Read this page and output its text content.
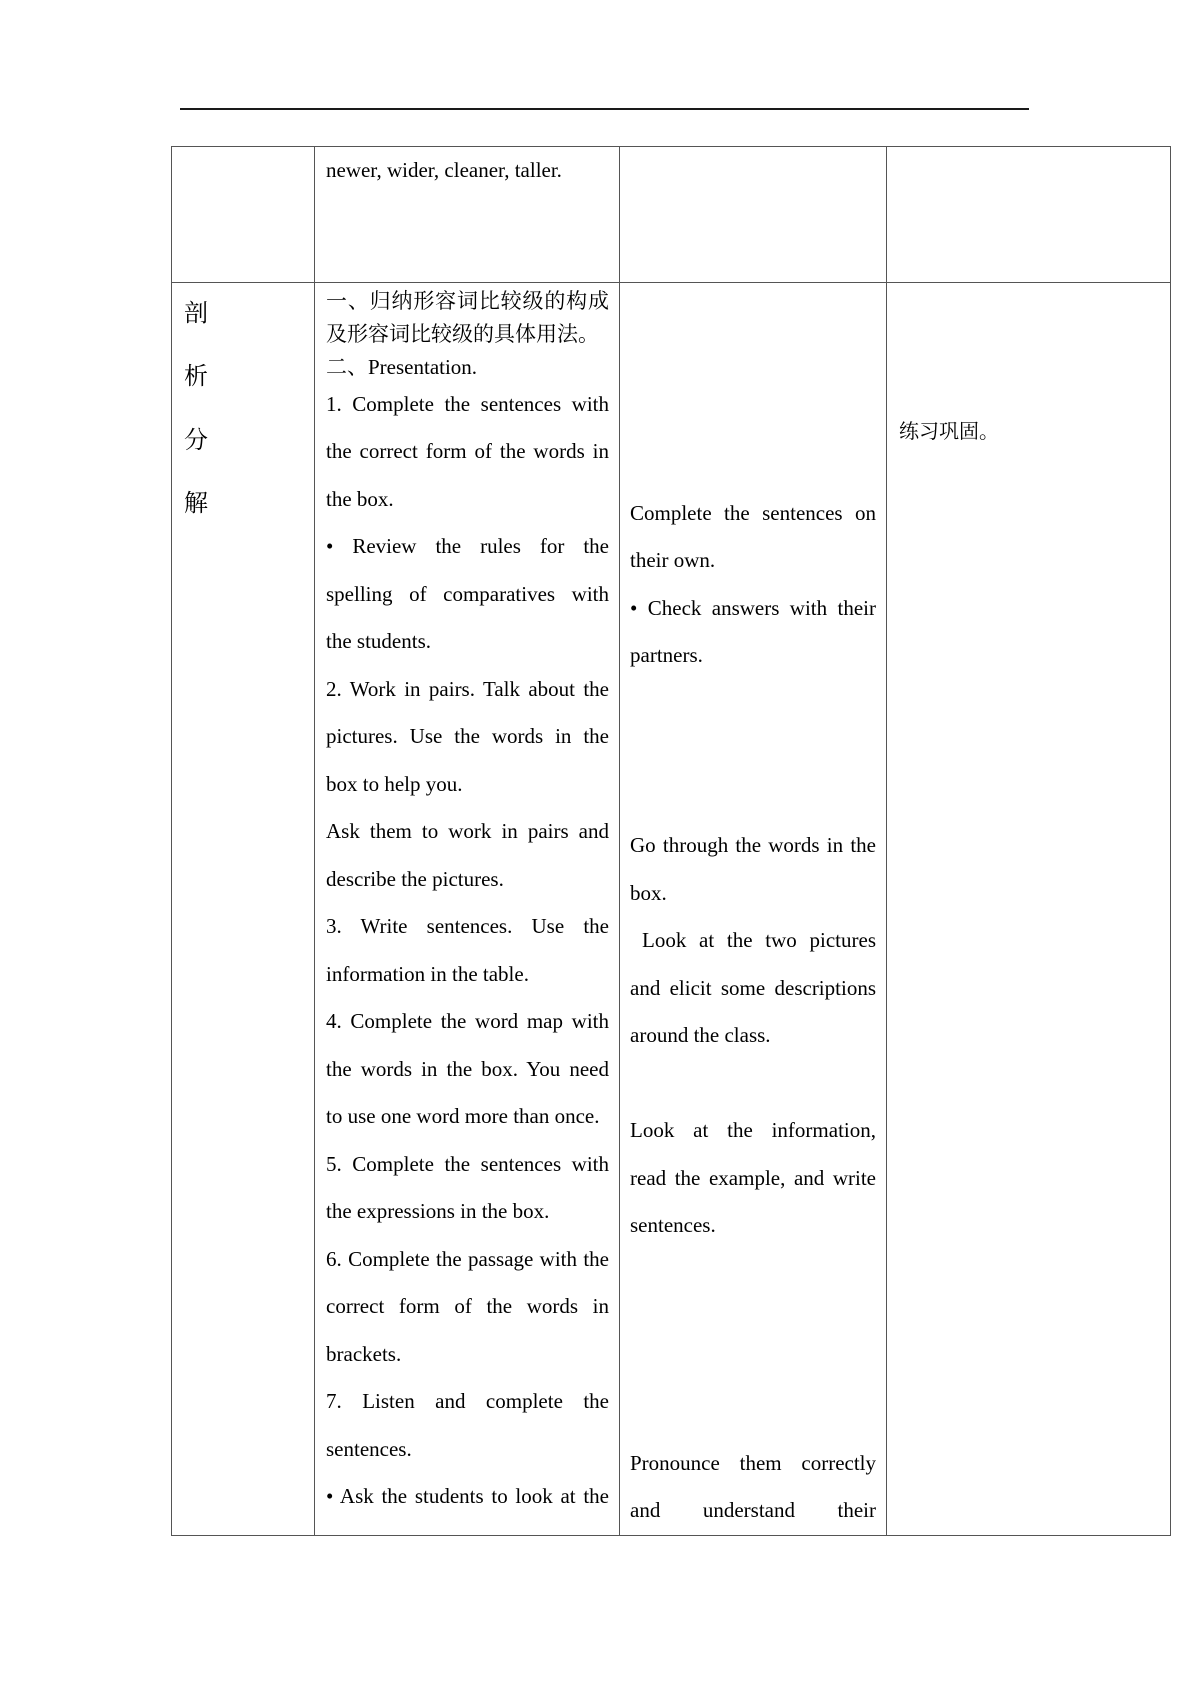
newer, wider, cleaner, taller.
剖
析
分
解
一、归纳形容词比较级的构成
及形容词比较级的具体用法。
二、Presentation.
1. Complete the sentences with
the correct form of the words in
the box.
• Review the rules for the
spelling of comparatives with
the students.
2. Work in pairs. Talk about the
pictures. Use the words in the
box to help you.
Ask them to work in pairs and
describe the pictures.
3. Write sentences. Use the
information in the table.
4. Complete the word map with
the words in the box. You need
to use one word more than once.
5. Complete the sentences with
the expressions in the box.
6. Complete the passage with the
correct form of the words in
brackets.
7. Listen and complete the
sentences.
• Ask the students to look at the
Complete the sentences on
their own.
• Check answers with their
partners.
Go through the words in the
box.
Look at the two pictures
and elicit some descriptions
around the class.
Look at the information,
read the example, and write
sentences.
Pronounce them correctly
and understand their
练习巩固。
